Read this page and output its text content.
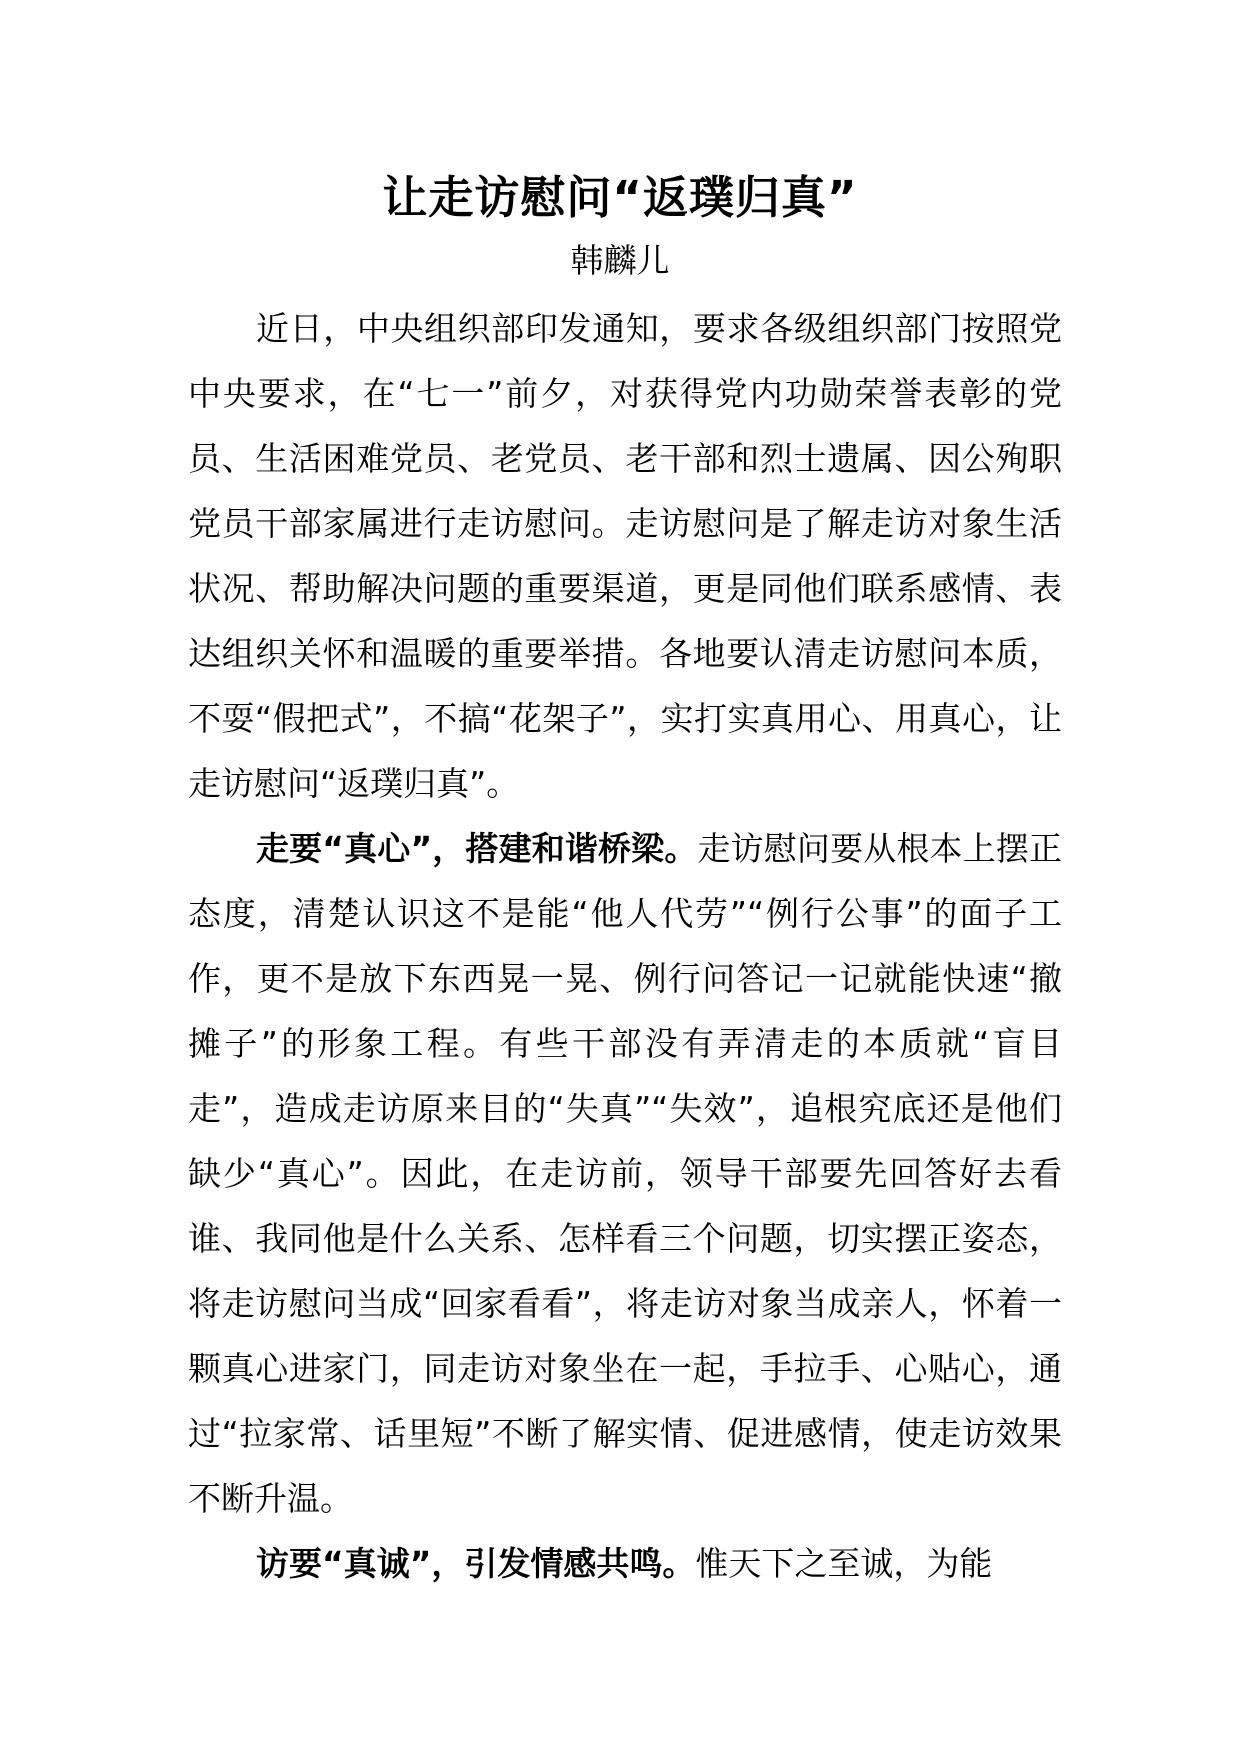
让走访慰问“返璞归真”
韩麟儿

近日，中央组织部印发通知，要求各级组织部门按照党中央要求，在“七一”前夕，对获得党内功勋荣誉表彰的党员、生活困难党员、老党员、老干部和烈士遗属、因公殉职党员干部家属进行走访慰问。走访慰问是了解走访对象生活状况、帮助解决问题的重要渠道，更是同他们联系感情、表达组织关怀和温暖的重要举措。各地要认清走访慰问本质，不耍“假把式”，不搞“花架子”，实打实真用心、用真心，让走访慰问“返璞归真”。

走要“真心”，搭建和谐桥梁。走访慰问要从根本上摆正态度，清楚认识这不是能“他人代劳”“例行公事”的面子工作，更不是放下东西晃一晃、例行问答记一记就能快速“撤摊子”的形象工程。有些干部没有弄清走的本质就“盲目走”，造成走访原来目的“失真”“失效”，追根究底还是他们缺少“真心”。因此，在走访前，领导干部要先回答好去看谁、我同他是什么关系、怎样看三个问题，切实摆正姿态，将走访慰问当成“回家看看”，将走访对象当成亲人，怀着一颗真心进家门，同走访对象坐在一起，手拉手、心贴心，通过“拉家常、话里短”不断了解实情、促进感情，使走访效果不断升温。

访要“真诚”，引发情感共鸣。惟天下之至诚，为能
